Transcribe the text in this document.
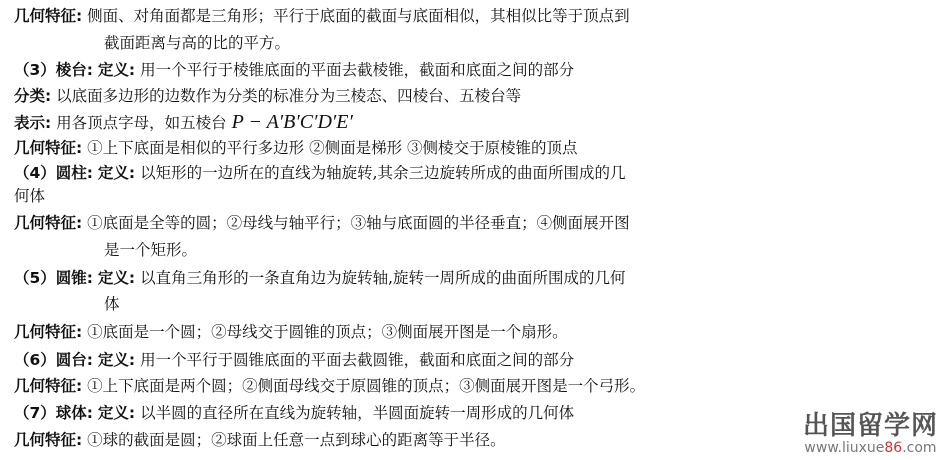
几何特征: 侧面、对角面都是三角形；平行于底面的截面与底面相似，其相似比等于顶点到
截面距离与高的比的平方。
（3）棱台: 定义: 用一个平行于棱锥底面的平面去截棱锥，截面和底面之间的部分
分类: 以底面多边形的边数作为分类的标准分为三棱态、四棱台、五棱台等
表示: 用各顶点字母，如五棱台 P − A′B′C′D′E′
几何特征: ①上下底面是相似的平行多边形 ②侧面是梯形 ③侧棱交于原棱锥的顶点
（4）圆柱: 定义: 以矩形的一边所在的直线为轴旋转,其余三边旋转所成的曲面所围成的几
何体
几何特征: ①底面是全等的圆；②母线与轴平行；③轴与底面圆的半径垂直；④侧面展开图
是一个矩形。
（5）圆锥: 定义: 以直角三角形的一条直角边为旋转轴,旋转一周所成的曲面所围成的几何
体
几何特征: ①底面是一个圆；②母线交于圆锥的顶点；③侧面展开图是一个扇形。
（6）圆台: 定义: 用一个平行于圆锥底面的平面去截圆锥，截面和底面之间的部分
几何特征: ①上下底面是两个圆；②侧面母线交于原圆锥的顶点；③侧面展开图是一个弓形。
（7）球体: 定义: 以半圆的直径所在直线为旋转轴，半圆面旋转一周形成的几何体
几何特征: ①球的截面是圆；②球面上任意一点到球心的距离等于半径。	出国留学网
www.liuxue86.com
